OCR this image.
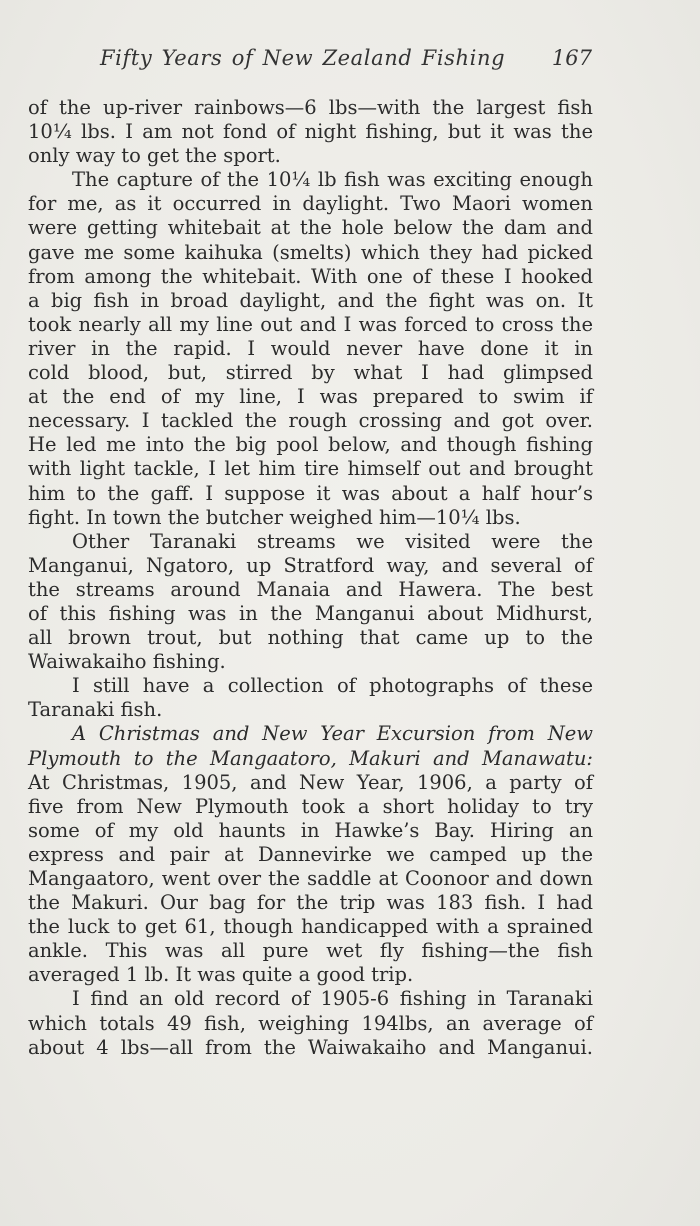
Fifty Years of New Zealand Fishing 167
of the up-river rainbows—6 lbs—with the largest fish
10¼ lbs. I am not fond of night fishing, but it was the
only way to get the sport.
The capture of the 10¼ lb fish was exciting enough
for me, as it occurred in daylight. Two Maori women
were getting whitebait at the hole below the dam and
gave me some kaihuka (smelts) which they had picked
from among the whitebait. With one of these I hooked
a big fish in broad daylight, and the fight was on. It
took nearly all my line out and I was forced to cross the
river in the rapid. I would never have done it in
cold blood, but, stirred by what I had glimpsed
at the end of my line, I was prepared to swim if
necessary. I tackled the rough crossing and got over.
He led me into the big pool below, and though fishing
with light tackle, I let him tire himself out and brought
him to the gaff. I suppose it was about a half hour’s
fight. In town the butcher weighed him—10¼ lbs.
Other Taranaki streams we visited were the
Manganui, Ngatoro, up Stratford way, and several of
the streams around Manaia and Hawera. The best
of this fishing was in the Manganui about Midhurst,
all brown trout, but nothing that came up to the
Waiwakaiho fishing.
I still have a collection of photographs of these
Taranaki fish.
A Christmas and New Year Excursion from New
Plymouth to the Mangaatoro, Makuri and Manawatu:
At Christmas, 1905, and New Year, 1906, a party of
five from New Plymouth took a short holiday to try
some of my old haunts in Hawke’s Bay. Hiring an
express and pair at Dannevirke we camped up the
Mangaatoro, went over the saddle at Coonoor and down
the Makuri. Our bag for the trip was 183 fish. I had
the luck to get 61, though handicapped with a sprained
ankle. This was all pure wet fly fishing—the fish
averaged 1 lb. It was quite a good trip.
I find an old record of 1905-6 fishing in Taranaki
which totals 49 fish, weighing 194lbs, an average of
about 4 lbs—all from the Waiwakaiho and Manganui.
